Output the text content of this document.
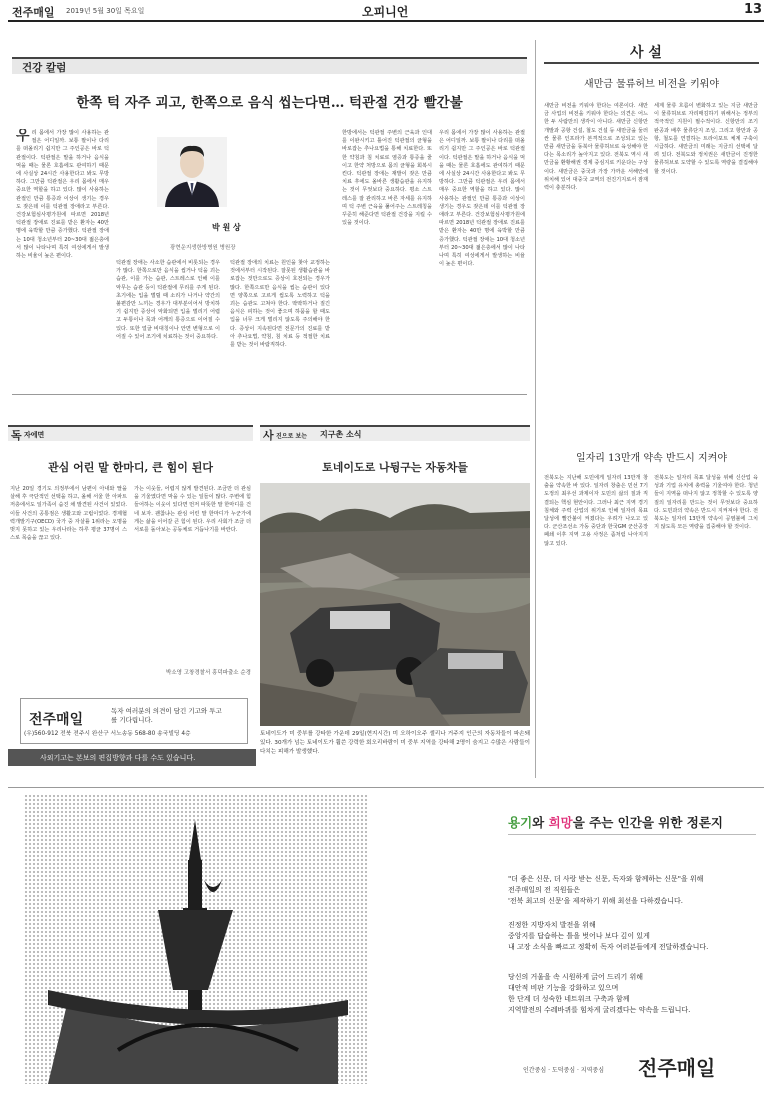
전주매일 2019년 5월 30일 목요일	오피니언	13
건강 칼럼
한쪽 턱 자주 괴고, 한쪽으로 음식 씹는다면… 턱관절 건강 빨간불
우리 몸에서 가장 많이 사용하는 관절은 어디일까. 보통 팔이나 다리를 떠올리기 쉽지만 그 주인공은 바로 턱관절이다. 턱관절은 말을 하거나 음식을 먹을 때는 물론 호흡에도 관여하기 때문에 사실상 24시간 사용한다고 봐도 무방하다. 그만큼 턱관절은 우리 몸에서 매우 중요한 역할을 하고 있다. 많이 사용하는 관절인 만큼 통증과 이상이 생기는 경우도 잦은데 이를 턱관절 장애라고 부른다. 건강보험심사평가원에 따르면 2018년 턱관절 장애로 진료를 받은 환자는 40만 명에 육박할 만큼 증가했다. 턱관절 장애는 10대 청소년부터 20~30대 젊은층에서 많이 나타나며 특히 여성에게서 발생하는 비율이 높은 편이다.
박 원 상
광현운지생한방병원 병원장
턱관절 장애는 사소한 습관에서 비롯되는 경우가 많다. 한쪽으로만 음식을 씹거나 턱을 괴는 습관, 이를 가는 습관, 스트레스로 인해 이를 악무는 습관 등이 턱관절에 무리를 주게 된다. 초기에는 입을 벌릴 때 소리가 나거나 약간의 불편감만 느끼는 경우가 대부분이어서 방치하기 쉽지만 증상이 악화되면 입을 벌리기 어렵고 두통이나 목과 어깨의 통증으로 이어질 수 있다. 또한 얼굴 비대칭이나 안면 변형으로 이어질 수 있어 조기에 치료하는 것이 중요하다.
턱관절 장애의 치료는 원인을 찾아 교정하는 것에서부터 시작된다. 잘못된 생활습관을 바로잡는 것만으로도 증상이 호전되는 경우가 많다. 한쪽으로만 음식을 씹는 습관이 있다면 양쪽으로 고르게 씹도록 노력하고 턱을 괴는 습관도 고쳐야 한다. 딱딱하거나 질긴 음식은 피하는 것이 좋으며 하품을 할 때도 입을 너무 크게 벌리지 않도록 주의해야 한다. 증상이 지속된다면 전문가의 진료를 받아 추나요법, 약침, 침 치료 등 적절한 치료를 받는 것이 바람직하다.
한방에서는 턱관절 주변의 근육과 인대를 이완시키고 틀어진 턱관절의 균형을 바로잡는 추나요법을 통해 치료한다. 또한 약침과 침 치료로 염증과 통증을 줄이고 한약 처방으로 몸의 균형을 회복시킨다. 턱관절 장애는 재발이 잦은 만큼 치료 후에도 올바른 생활습관을 유지하는 것이 무엇보다 중요하다. 평소 스트레스를 잘 관리하고 바른 자세를 유지하며 턱 주변 근육을 풀어주는 스트레칭을 꾸준히 해준다면 턱관절 건강을 지킬 수 있을 것이다.
우리 몸에서 가장 많이 사용하는 관절은 어디일까. 보통 팔이나 다리를 떠올리기 쉽지만 그 주인공은 바로 턱관절이다. 턱관절은 말을 하거나 음식을 먹을 때는 물론 호흡에도 관여하기 때문에 사실상 24시간 사용한다고 봐도 무방하다. 그만큼 턱관절은 우리 몸에서 매우 중요한 역할을 하고 있다. 많이 사용하는 관절인 만큼 통증과 이상이 생기는 경우도 잦은데 이를 턱관절 장애라고 부른다. 건강보험심사평가원에 따르면 2018년 턱관절 장애로 진료를 받은 환자는 40만 명에 육박할 만큼 증가했다. 턱관절 장애는 10대 청소년부터 20~30대 젊은층에서 많이 나타나며 특히 여성에게서 발생하는 비율이 높은 편이다.
사 설
새만금 물류허브 비전을 키워야
새만금 비전을 키워야 한다는 여론이다. 새만금 사업의 비전을 키워야 한다는 의견은 어느 한 두 사람만의 생각이 아니다. 새만금 신항만 개발과 공항 건설, 철도 건설 등 새만금을 둘러싼 물류 인프라가 본격적으로 조성되고 있는 만큼 새만금을 동북아 물류허브로 육성해야 한다는 목소리가 높아지고 있다. 전북도 역시 새만금을 환황해권 경제 중심지로 키운다는 구상이다. 새만금은 중국과 가장 가까운 서해안에 위치해 있어 대중국 교역의 전진기지로서 잠재력이 충분하다.
세계 물류 흐름이 변화하고 있는 지금 새만금이 물류허브로 자리매김하기 위해서는 정부의 적극적인 지원이 필수적이다. 신항만의 조기 완공과 배후 물류단지 조성, 그리고 항만과 공항, 철도를 연결하는 트라이포트 체계 구축이 시급하다. 새만금의 미래는 지금의 선택에 달려 있다. 전북도와 정치권은 새만금이 진정한 물류허브로 도약할 수 있도록 역량을 결집해야 할 것이다.
일자리 13만개 약속 반드시 지켜야
전북도는 지난해 도민에게 일자리 13만개 창출을 약속한 바 있다. 일자리 창출은 민선 7기 도정의 최우선 과제이자 도민의 삶의 질과 직결되는 핵심 현안이다. 그러나 최근 지역 경기 침체와 주력 산업의 위기로 인해 일자리 목표 달성에 빨간불이 켜졌다는 우려가 나오고 있다. 군산조선소 가동 중단과 한국GM 군산공장 폐쇄 이후 지역 고용 사정은 좀처럼 나아지지 않고 있다.
전북도는 일자리 목표 달성을 위해 신산업 육성과 기업 유치에 총력을 기울여야 한다. 청년들이 지역을 떠나지 않고 정착할 수 있도록 양질의 일자리를 만드는 것이 무엇보다 중요하다. 도민과의 약속은 반드시 지켜져야 한다. 전북도는 일자리 13만개 약속이 공염불에 그치지 않도록 모든 역량을 집중해야 할 것이다.
독 자에면
관심 어린 말 한마디, 큰 힘이 된다
지난 20일 경기도 의정부에서 남편이 아내와 딸을 살해 후 극단적인 선택을 하고, 올해 서울 한 아파트 저층에서도 일가족이 숨진 채 발견된 사건이 있었다. 이들 사건의 공통점은 생활고와 고립이었다. 경제협력개발기구(OECD) 국가 중 자살률 1위라는 오명을 벗지 못하고 있는 우리나라는 하루 평균 37명이 스스로 목숨을 끊고 있다.
가는 이웃들, 어렵지 않게 발견된다. 조금만 더 관심을 기울였다면 막을 수 있는 일들이 많다. 주변에 힘들어하는 이웃이 있다면 먼저 따뜻한 말 한마디를 건네 보자. 괜찮냐는 관심 어린 말 한마디가 누군가에게는 삶을 이어갈 큰 힘이 된다. 우리 사회가 조금 더 서로를 돌아보는 공동체로 거듭나기를 바란다.
박소영 고창경찰서 흥덕파출소 순경
전주매일
독자 여러분의 의견이 담긴 기고와 투고를 기다립니다.
(우)560-912 전북 전주시 완산구 서노송동 568-80 송국빌딩 4층
사외기고는 본보의 편집방향과 다를 수도 있습니다.
사 진으로 보는 지구촌 소식
토네이도로 나뒹구는 자동차들
토네이도가 미 중부를 강타한 가운데 29일(현지시간) 미 오하이오주 셀리나 거주지 인근의 자동차들이 파손돼 있다. 30개가 넘는 토네이도가 휩쓴 강력한 회오리바람이 미 중부 지역을 강타해 2명이 숨지고 수많은 사람들이 다치는 피해가 발생했다.
용기와 희망을 주는 인간을 위한 정론지
"더 좋은 신문, 더 사랑 받는 신문, 독자와 함께하는 신문"을 위해
전주매일의 전 직원들은
'전북 최고의 신문'을 제작하기 위해 최선을 다하겠습니다.
진정한 지방자치 발전을 위해
중앙지를 답습하는 틀을 벗어나 보다 깊이 있게
내 고장 소식을 빠르고 정확히 독자 여러분들에게 전달하겠습니다.
당신의 거울을 속 시원하게 긁어 드리기 위해
대안적 비판 기능을 강화하고 있으며
한 단계 더 성숙한 네트워크 구축과 함께
지역발전의 수레바퀴를 힘차게 굴리겠다는 약속을 드립니다.
인간중심 · 도덕중심 · 지역중심 전주매일
